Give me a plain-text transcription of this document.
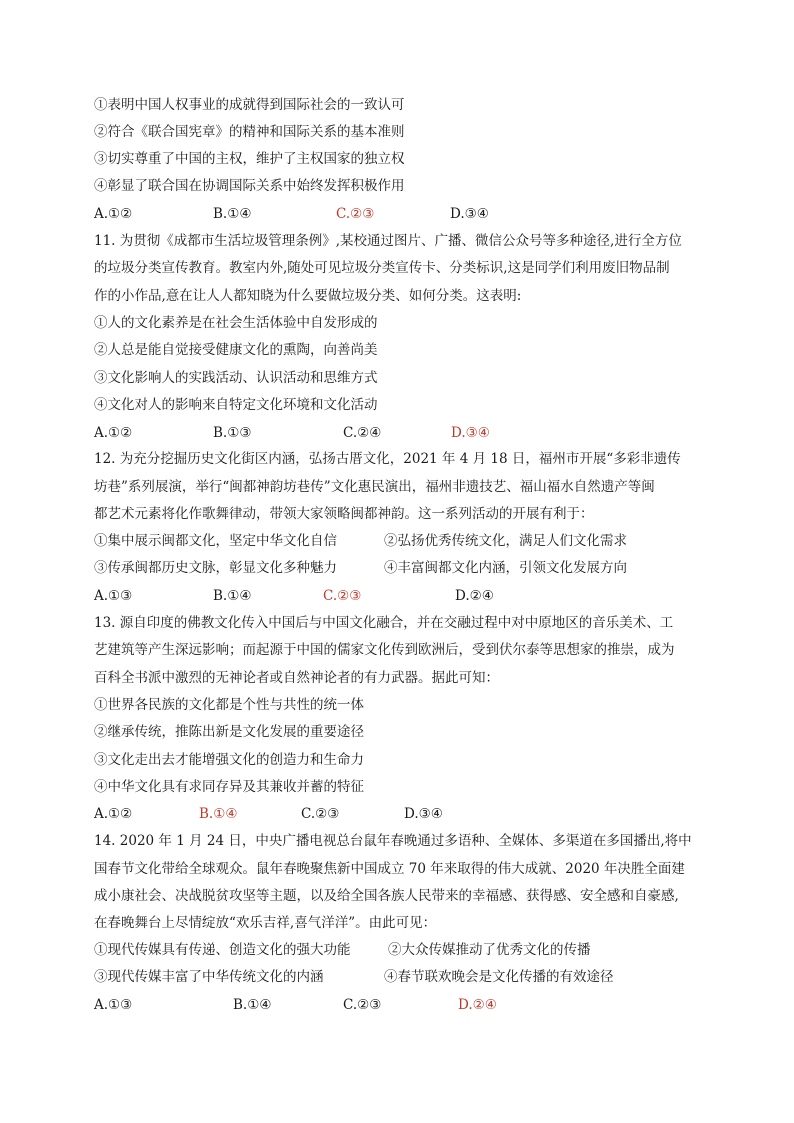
①表明中国人权事业的成就得到国际社会的一致认可
②符合《联合国宪章》的精神和国际关系的基本准则
③切实尊重了中国的主权，维护了主权国家的独立权
④彰显了联合国在协调国际关系中始终发挥积极作用
A.①②	B.①④	C.②③	D.③④
11. 为贯彻《成都市生活垃圾管理条例》,某校通过图片、广播、微信公众号等多种途径,进行全方位
的垃圾分类宣传教育。教室内外,随处可见垃圾分类宣传卡、分类标识,这是同学们利用废旧物品制
作的小作品,意在让人人都知晓为什么要做垃圾分类、如何分类。这表明:
①人的文化素养是在社会生活体验中自发形成的
②人总是能自觉接受健康文化的熏陶，向善尚美
③文化影响人的实践活动、认识活动和思维方式
④文化对人的影响来自特定文化环境和文化活动
A.①②	B.①③	C.②④	D.③④
12. 为充分挖掘历史文化街区内涵，弘扬古厝文化，2021 年 4 月 18 日，福州市开展“多彩非遗传
坊巷”系列展演，举行“闽都神韵坊巷传”文化惠民演出，福州非遗技艺、福山福水自然遗产等闽
都艺术元素将化作歌舞律动，带领大家领略闽都神韵。这一系列活动的开展有利于：
①集中展示闽都文化，坚定中华文化自信	②弘扬优秀传统文化，满足人们文化需求
③传承闽都历史文脉，彰显文化多种魅力	④丰富闽都文化内涵，引领文化发展方向
A.①③	B.①④	C.②③	D.②④
13. 源自印度的佛教文化传入中国后与中国文化融合，并在交融过程中对中原地区的音乐美术、工
艺建筑等产生深远影响；而起源于中国的儒家文化传到欧洲后，受到伏尔泰等思想家的推崇，成为
百科全书派中激烈的无神论者或自然神论者的有力武器。据此可知：
①世界各民族的文化都是个性与共性的统一体
②继承传统，推陈出新是文化发展的重要途径
③文化走出去才能增强文化的创造力和生命力
④中华文化具有求同存异及其兼收并蓄的特征
A.①②	B.①④	C.②③	D.③④
14. 2020 年 1 月 24 日，中央广播电视总台鼠年春晚通过多语种、全媒体、多渠道在多国播出,将中
国春节文化带给全球观众。鼠年春晚聚焦新中国成立 70 年来取得的伟大成就、2020 年决胜全面建
成小康社会、决战脱贫攻坚等主题，以及给全国各族人民带来的幸福感、获得感、安全感和自豪感,
在春晚舞台上尽情绽放“欢乐吉祥,喜气洋洋”。由此可见：
①现代传媒具有传递、创造文化的强大功能	②大众传媒推动了优秀文化的传播
③现代传媒丰富了中华传统文化的内涵	④春节联欢晚会是文化传播的有效途径
A.①③	B.①④	C.②③	D.②④
